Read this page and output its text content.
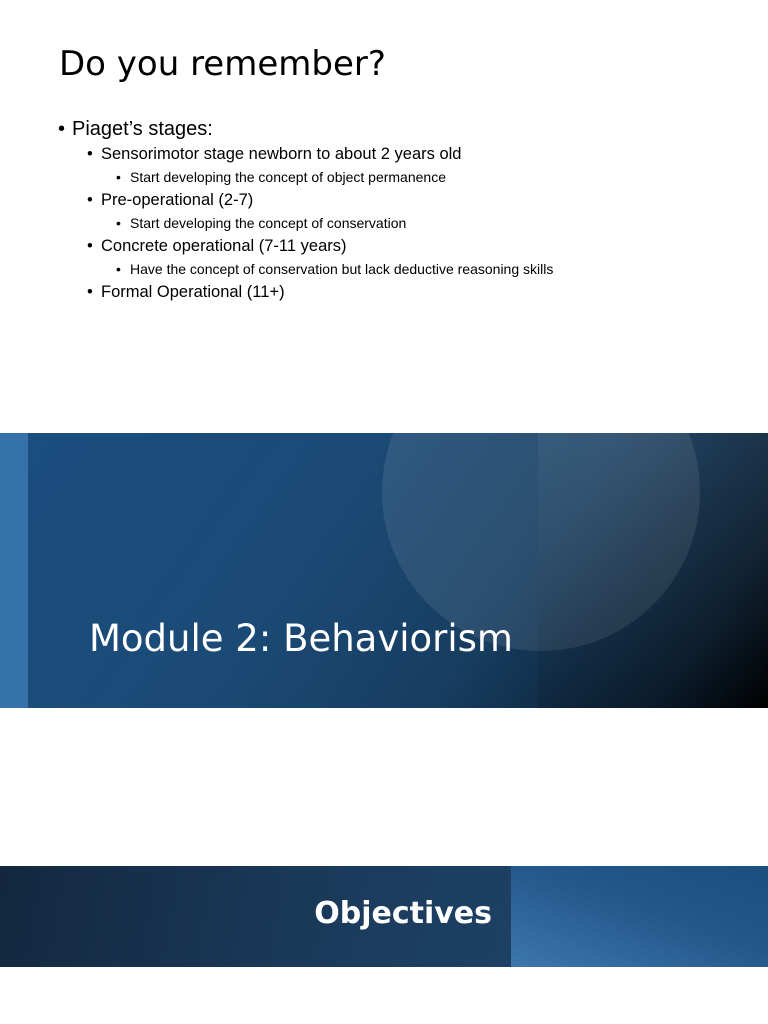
Do you remember?
• Piaget’s stages:
• Sensorimotor stage newborn to about 2 years old
• Start developing the concept of object permanence
• Pre-operational (2-7)
• Start developing the concept of conservation
• Concrete operational (7-11 years)
• Have the concept of conservation but lack deductive reasoning skills
• Formal Operational (11+)
Module 2: Behaviorism
Objectives
